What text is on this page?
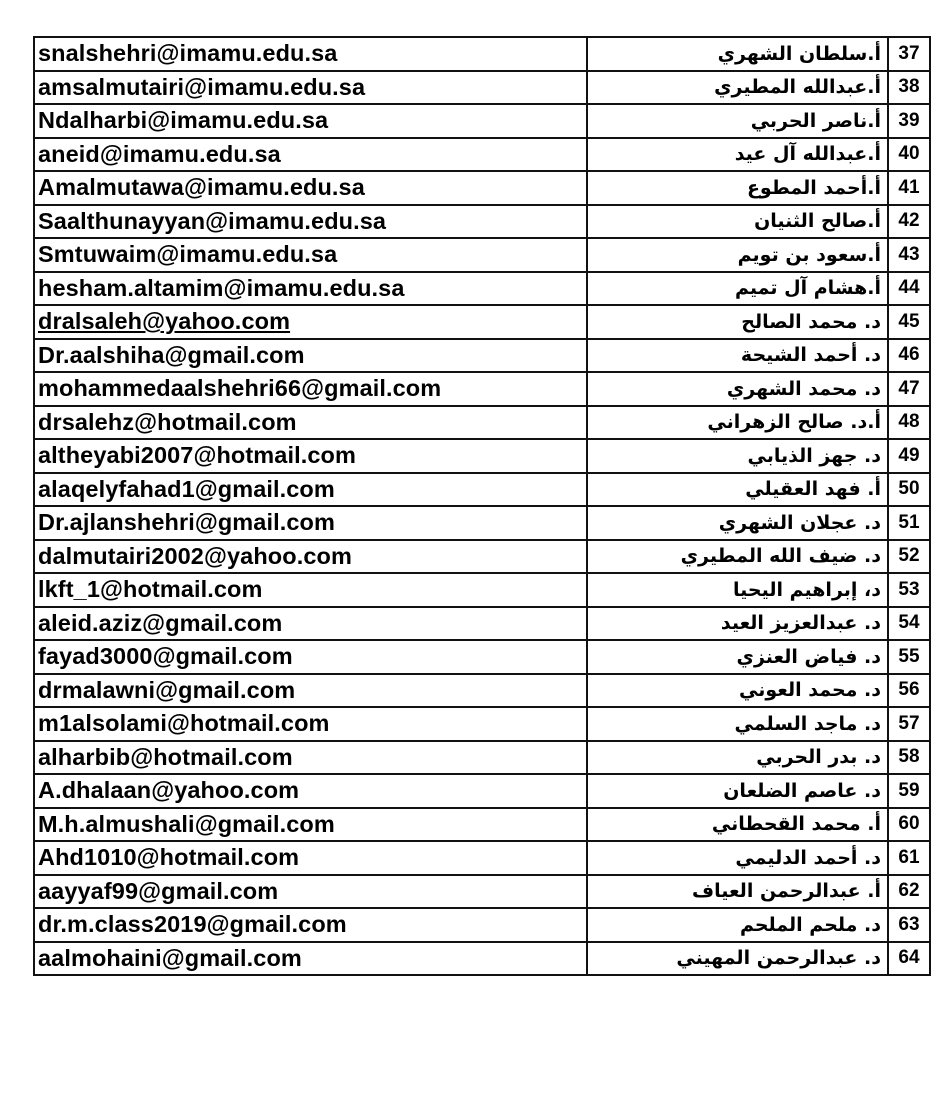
snalshehri@imamu.edu.sa	أ.سلطان الشهري	37
amsalmutairi@imamu.edu.sa	أ.عبدالله المطيري	38
Ndalharbi@imamu.edu.sa	أ.ناصر الحربي	39
aneid@imamu.edu.sa	أ.عبدالله آل عيد	40
Amalmutawa@imamu.edu.sa	أ.أحمد المطوع	41
Saalthunayyan@imamu.edu.sa	أ.صالح الثنيان	42
Smtuwaim@imamu.edu.sa	أ.سعود بن تويم	43
hesham.altamim@imamu.edu.sa	أ.هشام آل تميم	44
dralsaleh@yahoo.com	د. محمد الصالح	45
Dr.aalshiha@gmail.com	د. أحمد الشيحة	46
mohammedaalshehri66@gmail.com	د. محمد الشهري	47
drsalehz@hotmail.com	أ.د. صالح الزهراني	48
altheyabi2007@hotmail.com	د. جهز الذيابي	49
alaqelyfahad1@gmail.com	أ. فهد العقيلي	50
Dr.ajlanshehri@gmail.com	د. عجلان الشهري	51
dalmutairi2002@yahoo.com	د. ضيف الله المطيري	52
lkft_1@hotmail.com	د، إبراهيم اليحيا	53
aleid.aziz@gmail.com	د. عبدالعزيز العيد	54
fayad3000@gmail.com	د. فياض العنزي	55
drmalawni@gmail.com	د. محمد العوني	56
m1alsolami@hotmail.com	د. ماجد السلمي	57
alharbib@hotmail.com	د. بدر الحربي	58
A.dhalaan@yahoo.com	د. عاصم الضلعان	59
M.h.almushali@gmail.com	أ. محمد القحطاني	60
Ahd1010@hotmail.com	د. أحمد الدليمي	61
aayyaf99@gmail.com	أ. عبدالرحمن العياف	62
dr.m.class2019@gmail.com	د. ملحم الملحم	63
aalmohaini@gmail.com	د. عبدالرحمن المهيني	64
